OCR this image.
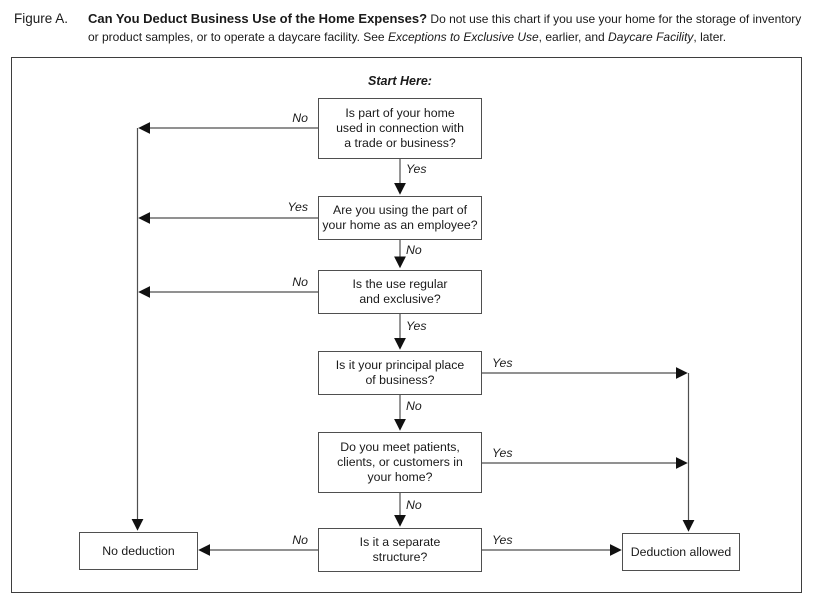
Figure A. Can You Deduct Business Use of the Home Expenses? Do not use this chart if you use your home for the storage of inventory or product samples, or to operate a daycare facility. See Exceptions to Exclusive Use, earlier, and Daycare Facility, later.
Start Here:
Is part of your home
used in connection with
a trade or business?
Are you using the part of
your home as an employee?
Is the use regular
and exclusive?
Is it your principal place
of business?
Do you meet patients,
clients, or customers in
your home?
Is it a separate
structure?
No deduction	Deduction allowed
No
Yes
Yes
No
No
Yes
Yes
No
Yes
No
No	Yes
